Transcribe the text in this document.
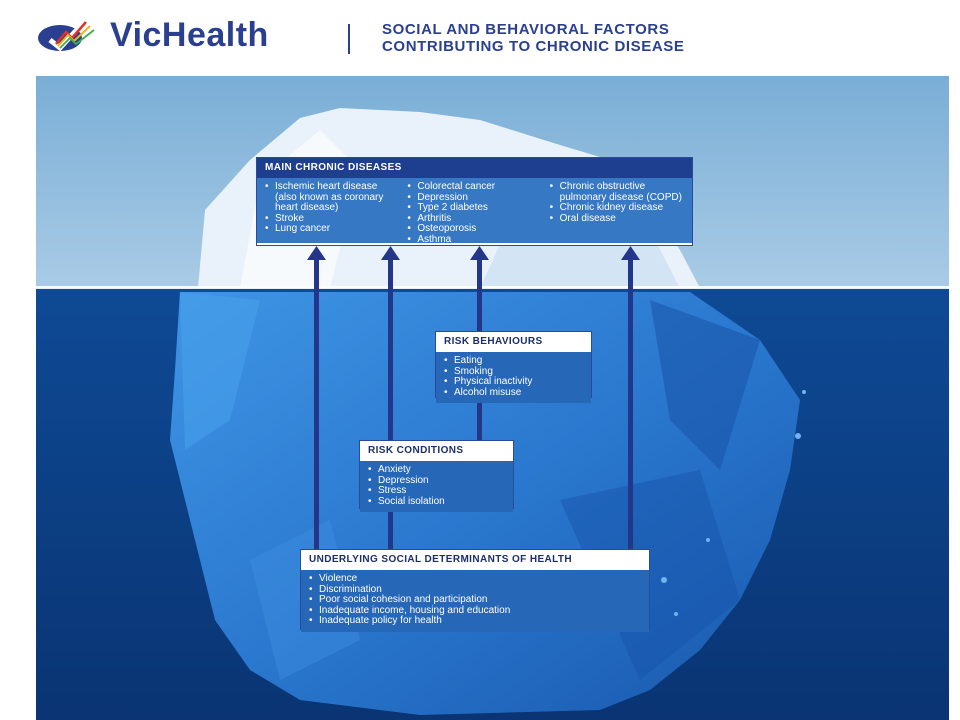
VicHealth	SOCIAL AND BEHAVIORAL FACTORS
CONTRIBUTING TO CHRONIC DISEASE
MAIN CHRONIC DISEASES
• Ischemic heart disease (also known as coronary heart disease)
• Stroke
• Lung cancer
• Colorectal cancer
• Depression
• Type 2 diabetes
• Arthritis
• Osteoporosis
• Asthma
• Chronic obstructive pulmonary disease (COPD)
• Chronic kidney disease
• Oral disease
RISK BEHAVIOURS
• Eating
• Smoking
• Physical inactivity
• Alcohol misuse
RISK CONDITIONS
• Anxiety
• Depression
• Stress
• Social isolation
UNDERLYING SOCIAL DETERMINANTS OF HEALTH
• Violence
• Discrimination
• Poor social cohesion and participation
• Inadequate income, housing and education
• Inadequate policy for health
